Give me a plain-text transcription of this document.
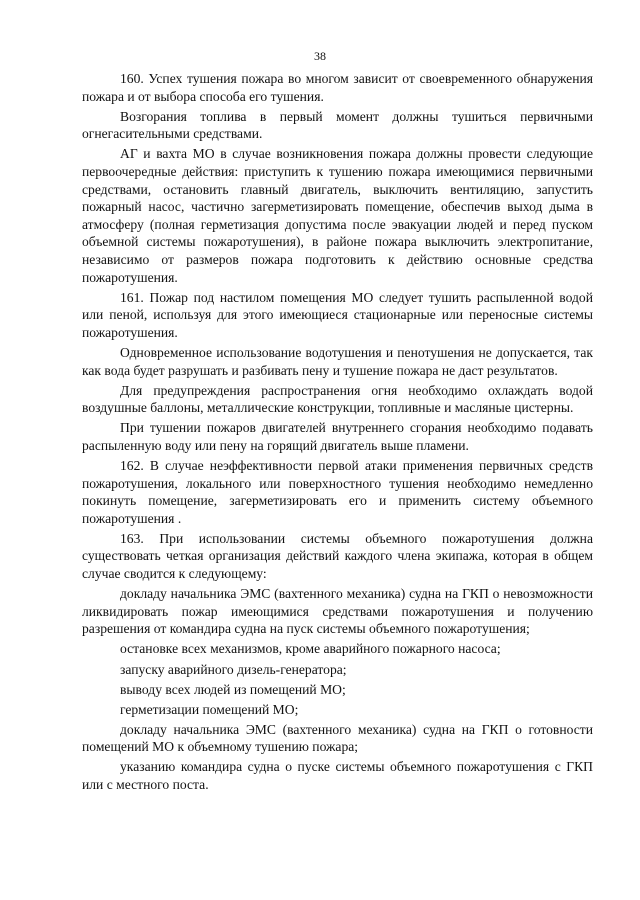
38

160. Успех тушения пожара во многом зависит от своевременного обнаружения пожара и от выбора способа его тушения.

Возгорания топлива в первый момент должны тушиться первичными огнегасительными средствами.

АГ и вахта МО в случае возникновения пожара должны провести следующие первоочередные действия: приступить к тушению пожара имеющимися первичными средствами, остановить главный двигатель, выключить вентиляцию, запустить пожарный насос, частично загерметизировать помещение, обеспечив выход дыма в атмосферу (полная герметизация допустима после эвакуации людей и перед пуском объемной системы пожаротушения), в районе пожара выключить электропитание, независимо от размеров пожара подготовить к действию основные средства пожаротушения.

161. Пожар под настилом помещения МО следует тушить распыленной водой или пеной, используя для этого имеющиеся стационарные или переносные системы пожаротушения.

Одновременное использование водотушения и пенотушения не допускается, так как вода будет разрушать и разбивать пену и тушение пожара не даст результатов.

Для предупреждения распространения огня необходимо охлаждать водой воздушные баллоны, металлические конструкции, топливные и масляные цистерны.

При тушении пожаров двигателей внутреннего сгорания необходимо подавать распыленную воду или пену на горящий двигатель выше пламени.

162. В случае неэффективности первой атаки применения первичных средств пожаротушения, локального или поверхностного тушения необходимо немедленно покинуть помещение, загерметизировать его и применить систему объемного пожаротушения .

163. При использовании системы объемного пожаротушения должна существовать четкая организация действий каждого члена экипажа, которая в общем случае сводится к следующему:

докладу начальника ЭМС (вахтенного механика) судна на ГКП о невозможности ликвидировать пожар имеющимися средствами пожаротушения и получению разрешения от командира судна на пуск системы объемного пожаротушения;

остановке всех механизмов, кроме аварийного пожарного насоса;

запуску аварийного дизель-генератора;

выводу всех людей из помещений МО;

герметизации помещений МО;

докладу начальника ЭМС (вахтенного механика) судна на ГКП о готовности помещений МО к объемному тушению пожара;

указанию командира судна о пуске системы объемного пожаротушения с ГКП или с местного поста.
